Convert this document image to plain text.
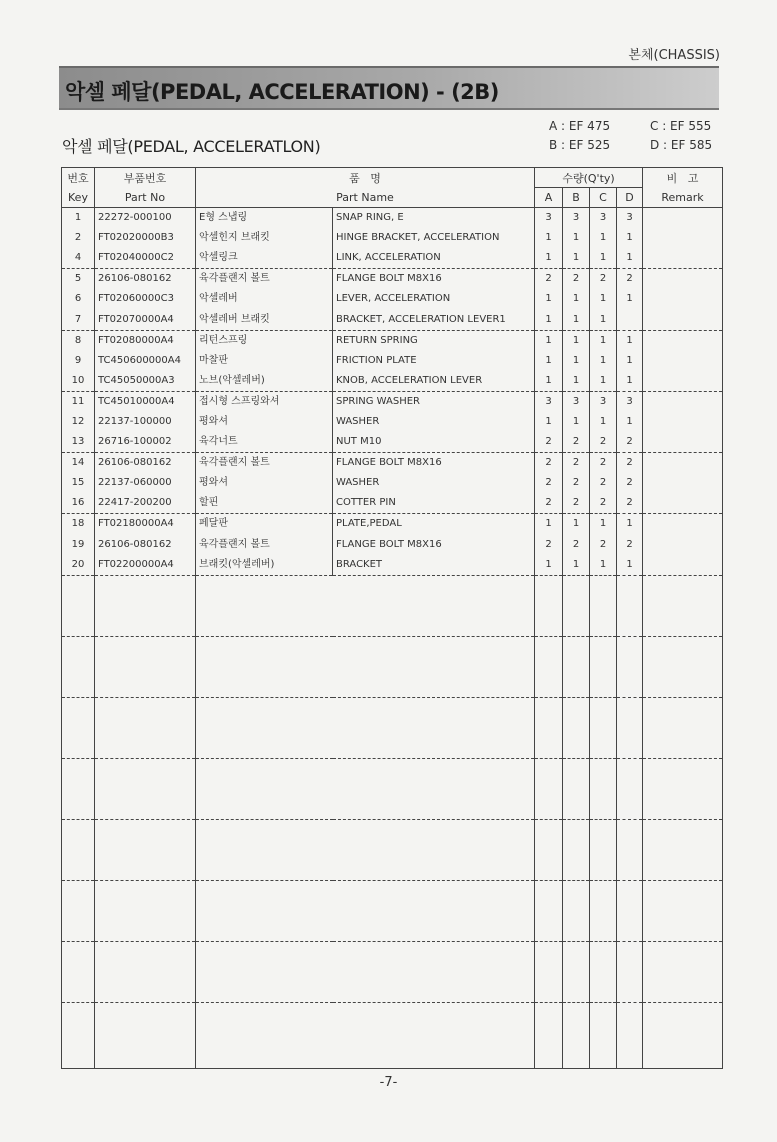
본체(CHASSIS)
악셀 페달(PEDAL, ACCELERATION) - (2B)
악셀 페달(PEDAL, ACCELERATLON)
A : EF 475	C : EF 555
B : EF 525	D : EF 585
번호	부품번호	품   명		수량(Q'ty)				비   고
Key	Part No	Part Name		A	B	C	D	Remark
1	22272-000100	E형 스냅링	SNAP RING, E	3	3	3	3	
2	FT02020000B3	악셀힌지 브래킷	HINGE BRACKET, ACCELERATION	1	1	1	1	
4	FT02040000C2	악셀링크	LINK, ACCELERATION	1	1	1	1	
5	26106-080162	육각플랜지 볼트	FLANGE BOLT M8X16	2	2	2	2	
6	FT02060000C3	악셀레버	LEVER, ACCELERATION	1	1	1	1	
7	FT02070000A4	악셀레버 브래킷	BRACKET, ACCELERATION LEVER1	1	1	1		
8	FT02080000A4	리턴스프링	RETURN SPRING	1	1	1	1	
9	TC450600000A4	마찰판	FRICTION PLATE	1	1	1	1	
10	TC45050000A3	노브(악셀레버)	KNOB, ACCELERATION LEVER	1	1	1	1	
11	TC45010000A4	접시형 스프링와셔	SPRING WASHER	3	3	3	3	
12	22137-100000	평와셔	WASHER	1	1	1	1	
13	26716-100002	육각너트	NUT M10	2	2	2	2	
14	26106-080162	육각플랜지 볼트	FLANGE BOLT M8X16	2	2	2	2	
15	22137-060000	평와셔	WASHER	2	2	2	2	
16	22417-200200	할핀	COTTER PIN	2	2	2	2	
18	FT02180000A4	페달판	PLATE,PEDAL	1	1	1	1	
19	26106-080162	육각플랜지 볼트	FLANGE BOLT M8X16	2	2	2	2	
20	FT02200000A4	브래킷(악셀레버)	BRACKET	1	1	1	1	

-7-
